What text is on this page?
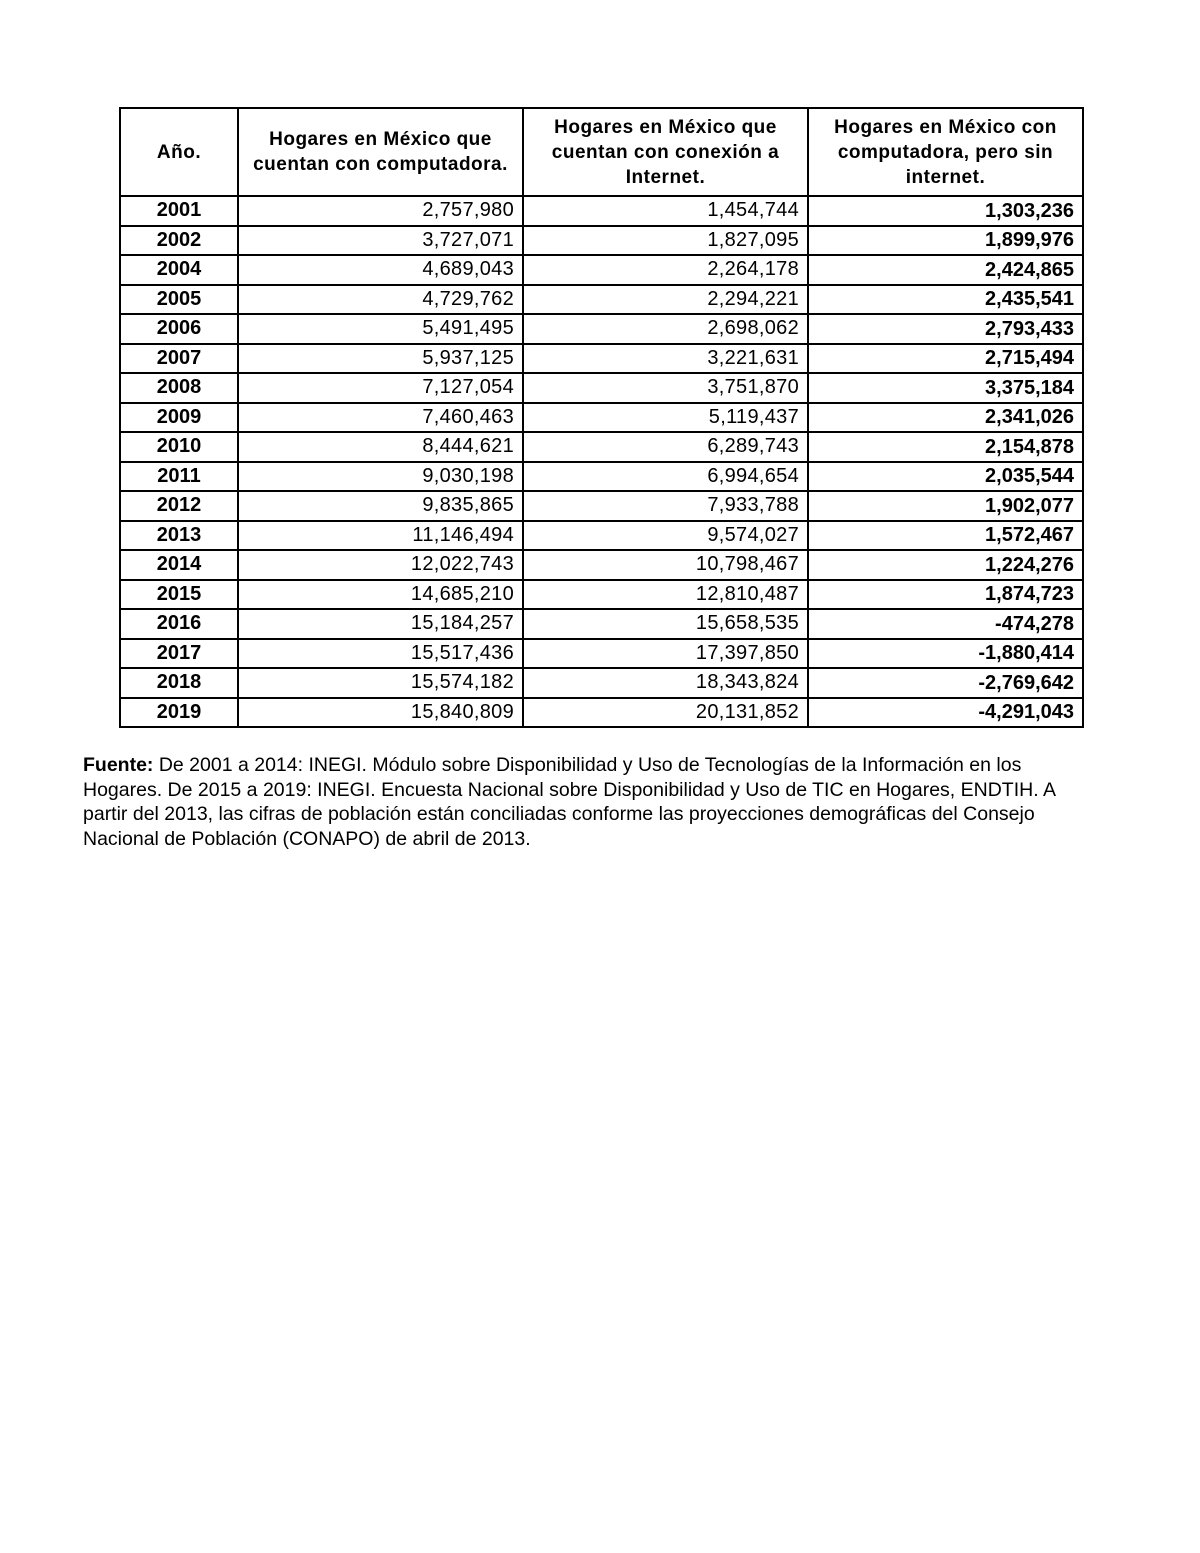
Año.	Hogares en México que cuentan con computadora.	Hogares en México que cuentan con conexión a Internet.	Hogares en México con computadora, pero sin internet.
2001	2,757,980	1,454,744	1,303,236
2002	3,727,071	1,827,095	1,899,976
2004	4,689,043	2,264,178	2,424,865
2005	4,729,762	2,294,221	2,435,541
2006	5,491,495	2,698,062	2,793,433
2007	5,937,125	3,221,631	2,715,494
2008	7,127,054	3,751,870	3,375,184
2009	7,460,463	5,119,437	2,341,026
2010	8,444,621	6,289,743	2,154,878
2011	9,030,198	6,994,654	2,035,544
2012	9,835,865	7,933,788	1,902,077
2013	11,146,494	9,574,027	1,572,467
2014	12,022,743	10,798,467	1,224,276
2015	14,685,210	12,810,487	1,874,723
2016	15,184,257	15,658,535	-474,278
2017	15,517,436	17,397,850	-1,880,414
2018	15,574,182	18,343,824	-2,769,642
2019	15,840,809	20,131,852	-4,291,043

Fuente: De 2001 a 2014: INEGI. Módulo sobre Disponibilidad y Uso de Tecnologías de la Información en los Hogares. De 2015 a 2019: INEGI. Encuesta Nacional sobre Disponibilidad y Uso de TIC en Hogares, ENDTIH. A partir del 2013, las cifras de población están conciliadas conforme las proyecciones demográficas del Consejo Nacional de Población (CONAPO) de abril de 2013.
